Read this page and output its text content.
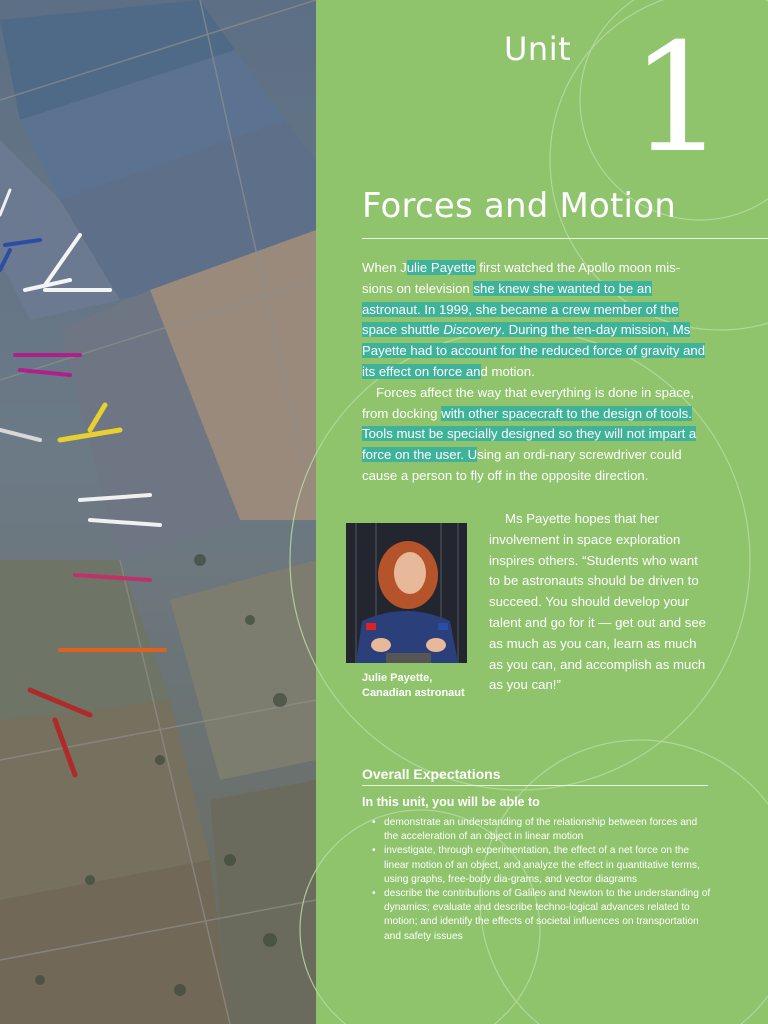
Unit 1
Forces and Motion

When Julie Payette first watched the Apollo moon mis-sions on television she knew she wanted to be an astronaut. In 1999, she became a crew member of the space shuttle Discovery. During the ten-day mission, Ms Payette had to account for the reduced force of gravity and its effect on force and motion.

Forces affect the way that everything is done in space, from docking with other spacecraft to the design of tools. Tools must be specially designed so they will not impart a force on the user. Using an ordi-nary screwdriver could cause a person to fly off in the opposite direction.

Julie Payette, Canadian astronaut

Ms Payette hopes that her involvement in space exploration inspires others. “Students who want to be astronauts should be driven to succeed. You should develop your talent and go for it — get out and see as much as you can, learn as much as you can, and accomplish as much as you can!”

Overall Expectations
In this unit, you will be able to
• demonstrate an understanding of the relationship between forces and the acceleration of an object in linear motion
• investigate, through experimentation, the effect of a net force on the linear motion of an object, and analyze the effect in quantitative terms, using graphs, free-body dia-grams, and vector diagrams
• describe the contributions of Galileo and Newton to the understanding of dynamics; evaluate and describe techno-logical advances related to motion; and identify the effects of societal influences on transportation and safety issues
